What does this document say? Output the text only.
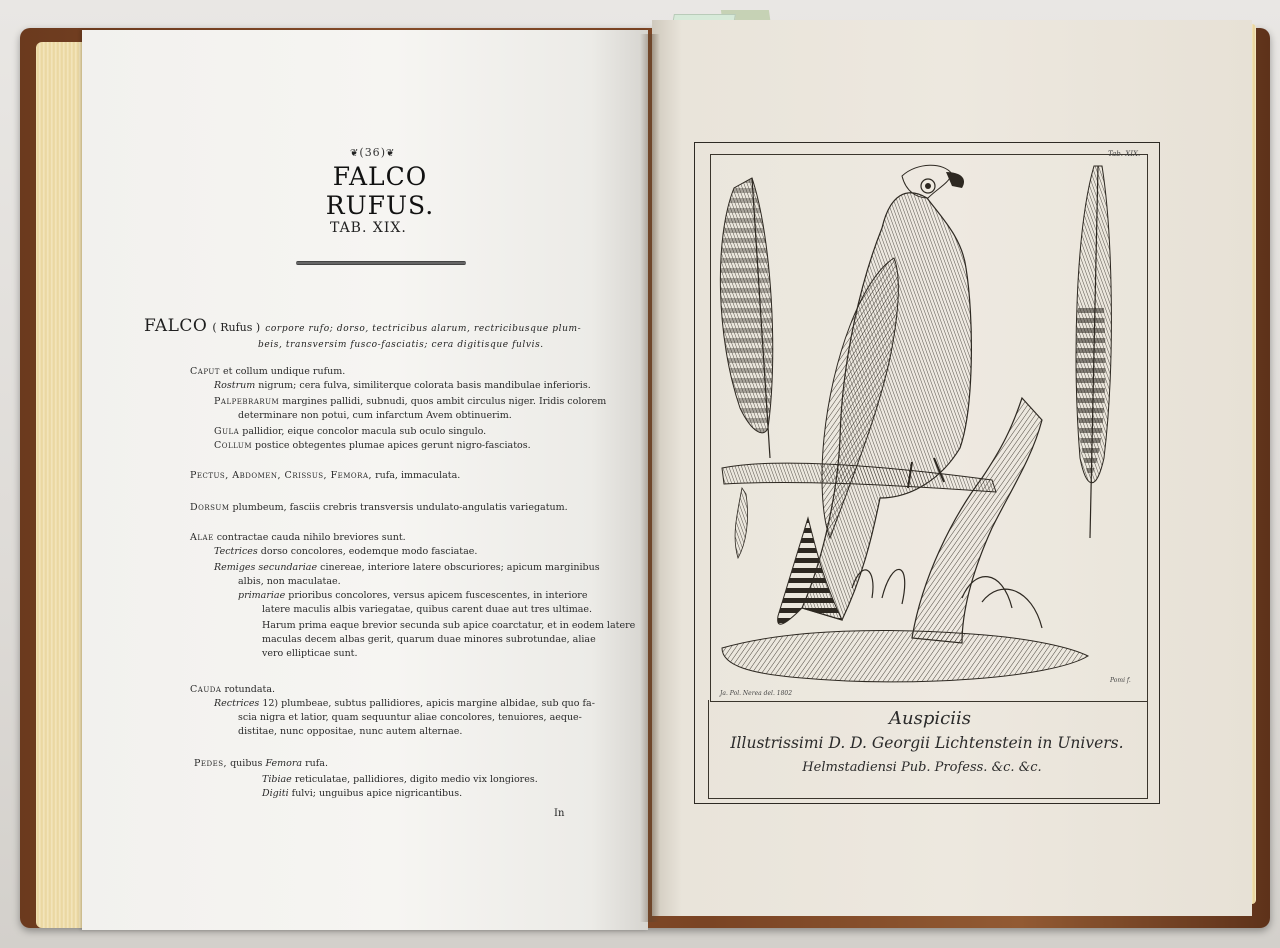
❦(36)❦
FALCO RUFUS.
TAB. XIX.
FALCO ( Rufus ) corpore rufo; dorso, tectricibus alarum, rectricibusque plum-
beis, transversim fusco-fasciatis; cera digitisque fulvis.
Caput et collum undique rufum.
Rostrum nigrum; cera fulva, similiterque colorata basis mandibulae inferioris.
Palpebrarum margines pallidi, subnudi, quos ambit circulus niger. Iridis colorem
determinare non potui, cum infarctum Avem obtinuerim.
Gula pallidior, eique concolor macula sub oculo singulo.
Collum postice obtegentes plumae apices gerunt nigro-fasciatos.
Pectus, Abdomen, Crissus, Femora, rufa, immaculata.
Dorsum plumbeum, fasciis crebris transversis undulato-angulatis variegatum.
Alae contractae cauda nihilo breviores sunt.
Tectrices dorso concolores, eodemque modo fasciatae.
Remiges secundariae cinereae, interiore latere obscuriores; apicum marginibus
albis, non maculatae.
primariae prioribus concolores, versus apicem fuscescentes, in interiore
latere maculis albis variegatae, quibus carent duae aut tres ultimae.
Harum prima eaque brevior secunda sub apice coarctatur, et in eodem latere
maculas decem albas gerit, quarum duae minores subrotundae, aliae
vero ellipticae sunt.
Cauda rotundata.
Rectrices 12) plumbeae, subtus pallidiores, apicis margine albidae, sub quo fa-
scia nigra et latior, quam sequuntur aliae concolores, tenuiores, aeque-
distitae, nunc oppositae, nunc autem alternae.
Pedes, quibus Femora rufa.
Tibiae reticulatae, pallidiores, digito medio vix longiores.
Digiti fulvi; unguibus apice nigricantibus.
In
Tab. XIX.
Ja. Pol. Nerea del. 1802
Pomi f.
Auspiciis
Illustrissimi D. D. Georgii Lichtenstein in Univers.
Helmstadiensi Pub. Profess. &c. &c.
